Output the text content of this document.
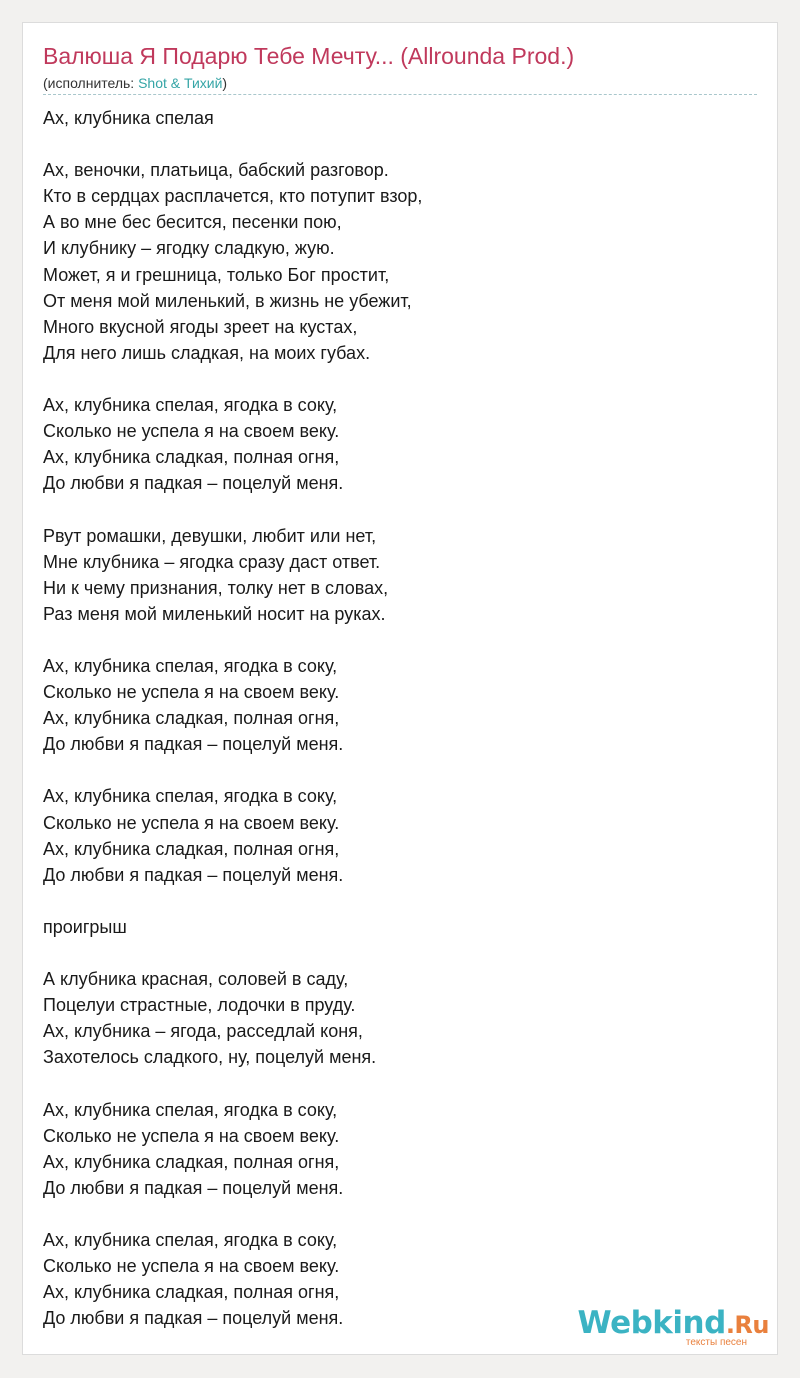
Валюша Я Подарю Тебе Мечту... (Allrounda Prod.)
(исполнитель: Shot & Тихий)
Ах, клубника спелая
Ах, веночки, платьица, бабский разговор.
Кто в сердцах расплачется, кто потупит взор,
А во мне бес бесится, песенки пою,
И клубнику – ягодку сладкую, жую.
Может, я и грешница, только Бог простит,
От меня мой миленький, в жизнь не убежит,
Много вкусной ягоды зреет на кустах,
Для него лишь сладкая, на моих губах.
Ах, клубника спелая, ягодка в соку,
Сколько не успела я на своем веку.
Ах, клубника сладкая, полная огня,
До любви я падкая – поцелуй меня.
Рвут ромашки, девушки, любит или нет,
Мне клубника – ягодка сразу даст ответ.
Ни к чему признания, толку нет в словах,
Раз меня мой миленький носит на руках.
Ах, клубника спелая, ягодка в соку,
Сколько не успела я на своем веку.
Ах, клубника сладкая, полная огня,
До любви я падкая – поцелуй меня.
Ах, клубника спелая, ягодка в соку,
Сколько не успела я на своем веку.
Ах, клубника сладкая, полная огня,
До любви я падкая – поцелуй меня.
проигрыш
А клубника красная, соловей в саду,
Поцелуи страстные, лодочки в пруду.
Ах, клубника – ягода, расседлай коня,
Захотелось сладкого, ну, поцелуй меня.
Ах, клубника спелая, ягодка в соку,
Сколько не успела я на своем веку.
Ах, клубника сладкая, полная огня,
До любви я падкая – поцелуй меня.
Ах, клубника спелая, ягодка в соку,
Сколько не успела я на своем веку.
Ах, клубника сладкая, полная огня,
До любви я падкая – поцелуй меня.	Webkind.Ru
тексты песен
